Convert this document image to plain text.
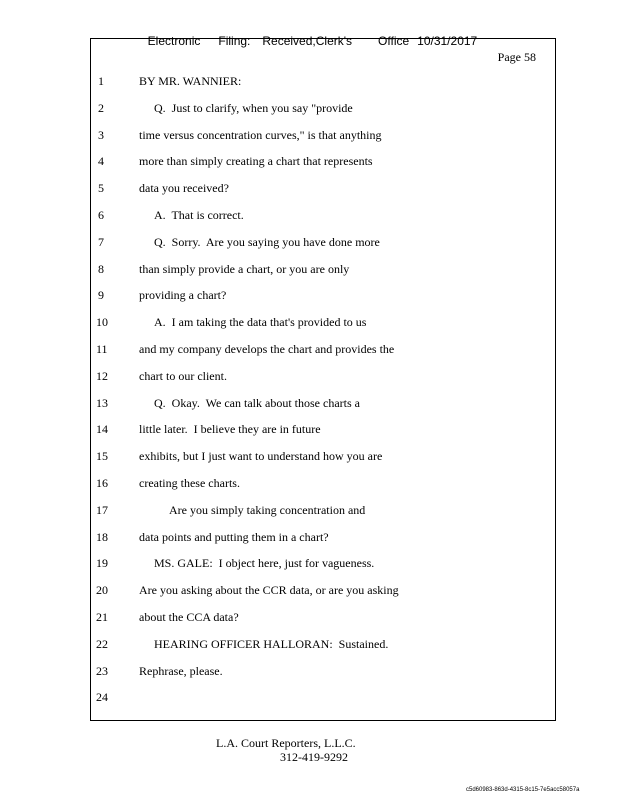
Electronic Filing: Received,Clerk's Office 10/31/2017

Page 58
1	BY MR. WANNIER:
2	Q.  Just to clarify, when you say "provide
3	time versus concentration curves," is that anything
4	more than simply creating a chart that represents
5	data you received?
6	A.  That is correct.
7	Q.  Sorry.  Are you saying you have done more
8	than simply provide a chart, or you are only
9	providing a chart?
10	A.  I am taking the data that's provided to us
11	and my company develops the chart and provides the
12	chart to our client.
13	Q.  Okay.  We can talk about those charts a
14	little later.  I believe they are in future
15	exhibits, but I just want to understand how you are
16	creating these charts.
17	Are you simply taking concentration and
18	data points and putting them in a chart?
19	MS. GALE:  I object here, just for vagueness.
20	Are you asking about the CCR data, or are you asking
21	about the CCA data?
22	HEARING OFFICER HALLORAN:  Sustained.
23	Rephrase, please.
24
L.A. Court Reporters, L.L.C.
312-419-9292
c5d60983-863d-4315-8c15-7e5acc58057a
